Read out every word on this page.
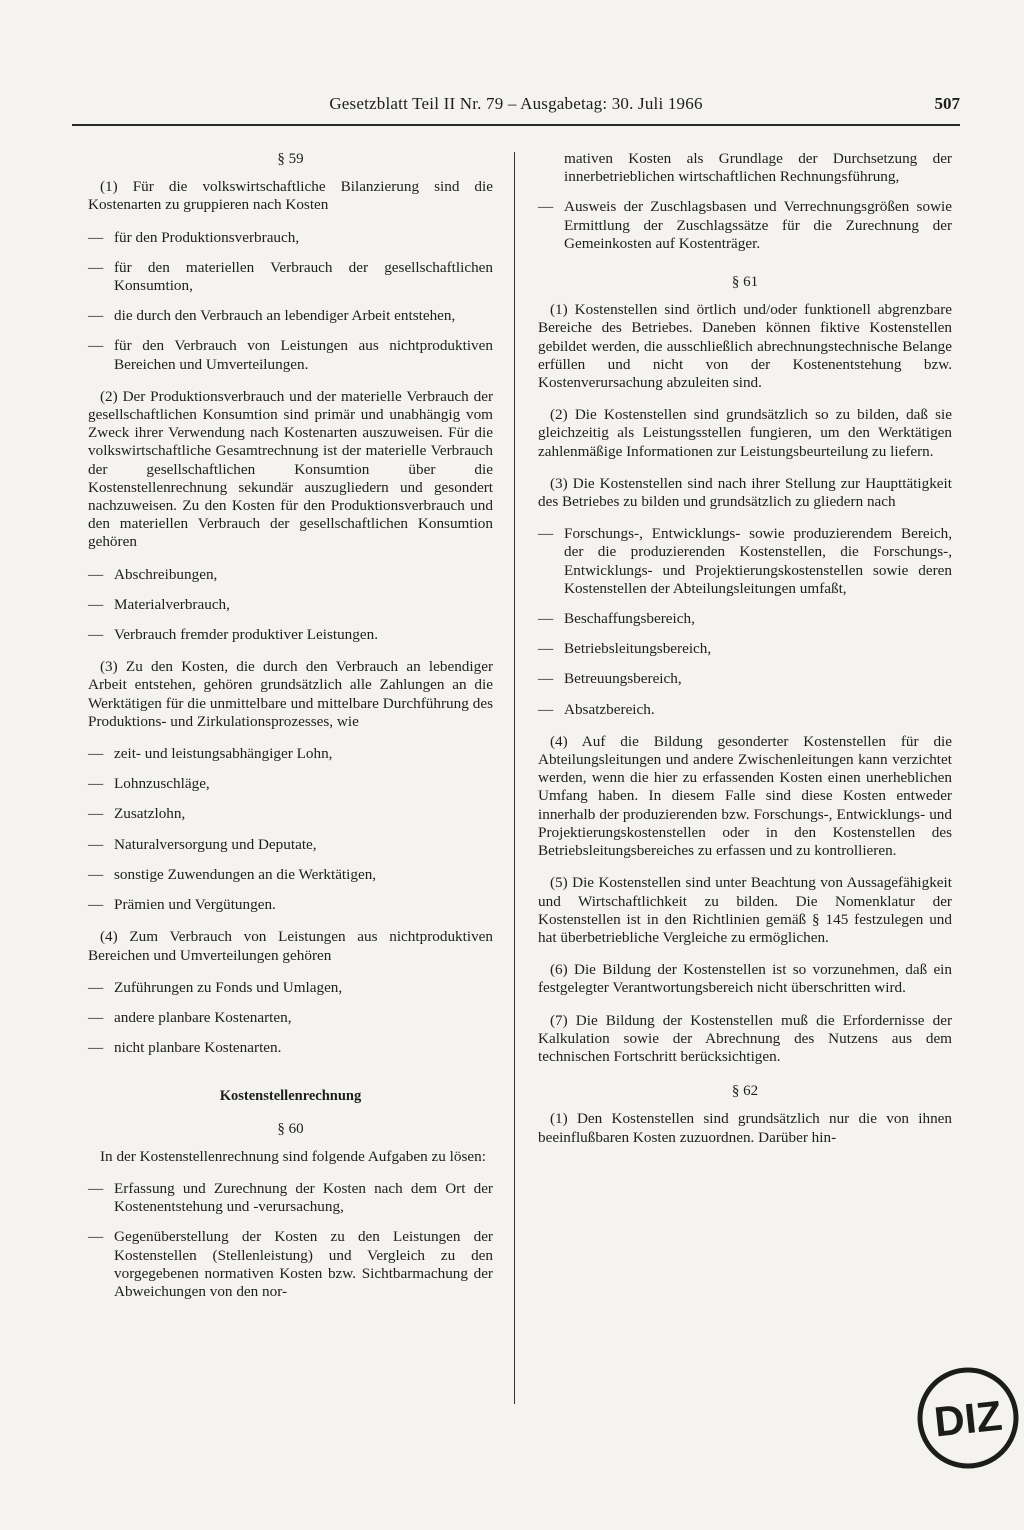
Gesetzblatt Teil II Nr. 79 – Ausgabetag: 30. Juli 1966	507
§ 59

(1) Für die volkswirtschaftliche Bilanzierung sind die Kostenarten zu gruppieren nach Kosten

— für den Produktionsverbrauch,
— für den materiellen Verbrauch der gesellschaftlichen Konsumtion,
— die durch den Verbrauch an lebendiger Arbeit entstehen,
— für den Verbrauch von Leistungen aus nichtproduktiven Bereichen und Umverteilungen.

(2) Der Produktionsverbrauch und der materielle Verbrauch der gesellschaftlichen Konsumtion sind primär und unabhängig vom Zweck ihrer Verwendung nach Kostenarten auszuweisen. Für die volkswirtschaftliche Gesamtrechnung ist der materielle Verbrauch der gesellschaftlichen Konsumtion über die Kostenstellenrechnung sekundär auszugliedern und gesondert nachzuweisen. Zu den Kosten für den Produktionsverbrauch und den materiellen Verbrauch der gesellschaftlichen Konsumtion gehören

— Abschreibungen,
— Materialverbrauch,
— Verbrauch fremder produktiver Leistungen.

(3) Zu den Kosten, die durch den Verbrauch an lebendiger Arbeit entstehen, gehören grundsätzlich alle Zahlungen an die Werktätigen für die unmittelbare und mittelbare Durchführung des Produktions- und Zirkulationsprozesses, wie

— zeit- und leistungsabhängiger Lohn,
— Lohnzuschläge,
— Zusatzlohn,
— Naturalversorgung und Deputate,
— sonstige Zuwendungen an die Werktätigen,
— Prämien und Vergütungen.

(4) Zum Verbrauch von Leistungen aus nichtproduktiven Bereichen und Umverteilungen gehören

— Zuführungen zu Fonds und Umlagen,
— andere planbare Kostenarten,
— nicht planbare Kostenarten.
Kostenstellenrechnung
§ 60

In der Kostenstellenrechnung sind folgende Aufgaben zu lösen:

— Erfassung und Zurechnung der Kosten nach dem Ort der Kostenentstehung und -verursachung,
— Gegenüberstellung der Kosten zu den Leistungen der Kostenstellen (Stellenleistung) und Vergleich zu den vorgegebenen normativen Kosten bzw. Sichtbarmachung der Abweichungen von den nor-

mativen Kosten als Grundlage der Durchsetzung der innerbetrieblichen wirtschaftlichen Rechnungsführung,

— Ausweis der Zuschlagsbasen und Verrechnungsgrößen sowie Ermittlung der Zuschlagssätze für die Zurechnung der Gemeinkosten auf Kostenträger.
§ 61

(1) Kostenstellen sind örtlich und/oder funktionell abgrenzbare Bereiche des Betriebes. Daneben können fiktive Kostenstellen gebildet werden, die ausschließlich abrechnungstechnische Belange erfüllen und nicht von der Kostenentstehung bzw. Kostenverursachung abzuleiten sind.

(2) Die Kostenstellen sind grundsätzlich so zu bilden, daß sie gleichzeitig als Leistungsstellen fungieren, um den Werktätigen zahlenmäßige Informationen zur Leistungsbeurteilung zu liefern.

(3) Die Kostenstellen sind nach ihrer Stellung zur Haupttätigkeit des Betriebes zu bilden und grundsätzlich zu gliedern nach

— Forschungs-, Entwicklungs- sowie produzierendem Bereich, der die produzierenden Kostenstellen, die Forschungs-, Entwicklungs- und Projektierungskostenstellen sowie deren Kostenstellen der Abteilungsleitungen umfaßt,
— Beschaffungsbereich,
— Betriebsleitungsbereich,
— Betreuungsbereich,
— Absatzbereich.

(4) Auf die Bildung gesonderter Kostenstellen für die Abteilungsleitungen und andere Zwischenleitungen kann verzichtet werden, wenn die hier zu erfassenden Kosten einen unerheblichen Umfang haben. In diesem Falle sind diese Kosten entweder innerhalb der produzierenden bzw. Forschungs-, Entwicklungs- und Projektierungskostenstellen oder in den Kostenstellen des Betriebsleitungsbereiches zu erfassen und zu kontrollieren.

(5) Die Kostenstellen sind unter Beachtung von Aussagefähigkeit und Wirtschaftlichkeit zu bilden. Die Nomenklatur der Kostenstellen ist in den Richtlinien gemäß § 145 festzulegen und hat überbetriebliche Vergleiche zu ermöglichen.

(6) Die Bildung der Kostenstellen ist so vorzunehmen, daß ein festgelegter Verantwortungsbereich nicht überschritten wird.

(7) Die Bildung der Kostenstellen muß die Erfordernisse der Kalkulation sowie der Abrechnung des Nutzens aus dem technischen Fortschritt berücksichtigen.

§ 62

(1) Den Kostenstellen sind grundsätzlich nur die von ihnen beeinflußbaren Kosten zuzuordnen. Darüber hin-

DIZ
